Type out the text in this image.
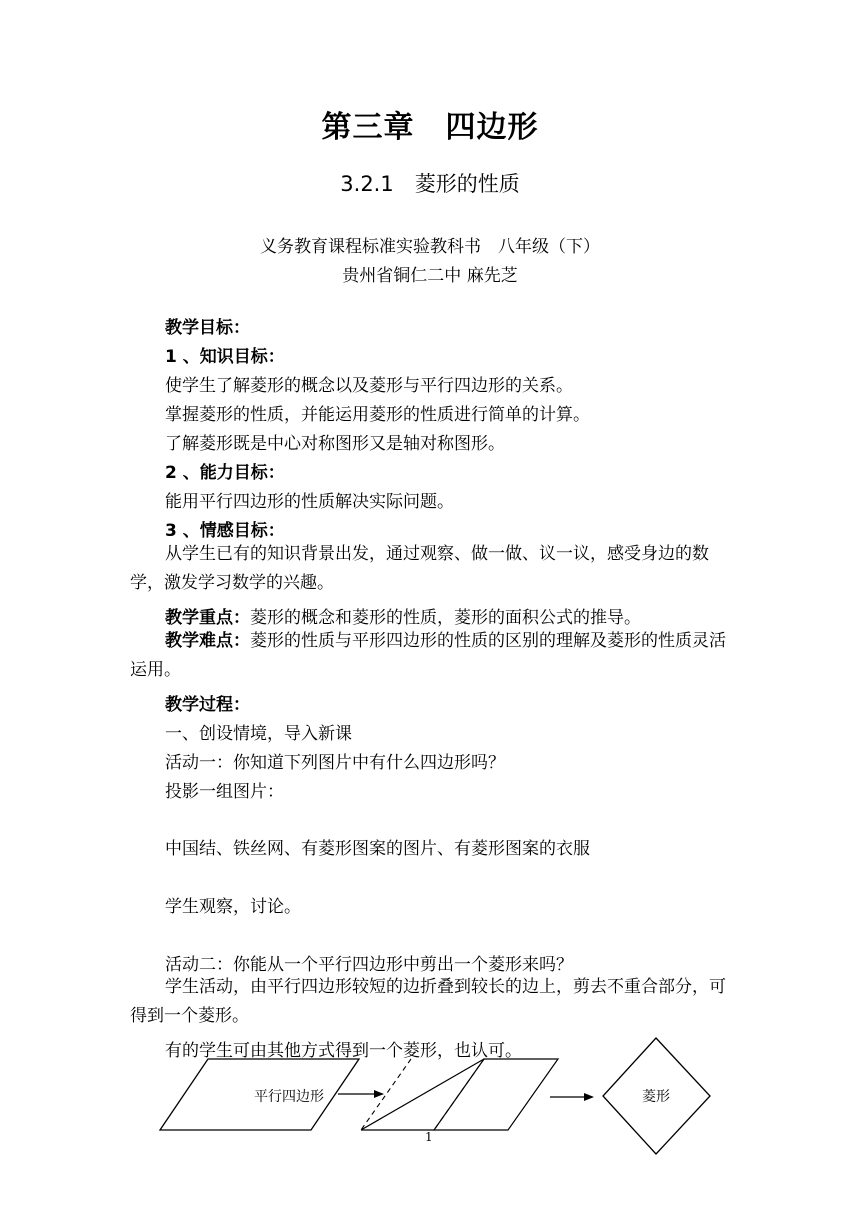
第三章　四边形
3.2.1　菱形的性质
义务教育课程标准实验教科书　八年级（下）
贵州省铜仁二中 麻先芝
教学目标：
1 、知识目标：
使学生了解菱形的概念以及菱形与平行四边形的关系。
掌握菱形的性质，并能运用菱形的性质进行简单的计算。
了解菱形既是中心对称图形又是轴对称图形。
2 、能力目标：
能用平行四边形的性质解决实际问题。
3 、情感目标：
从学生已有的知识背景出发，通过观察、做一做、议一议，感受身边的数学，激发学习数学的兴趣。
教学重点：菱形的概念和菱形的性质，菱形的面积公式的推导。
教学难点：菱形的性质与平形四边形的性质的区别的理解及菱形的性质灵活运用。
教学过程：
一、创设情境，导入新课
活动一：你知道下列图片中有什么四边形吗？
投影一组图片：
中国结、铁丝网、有菱形图案的图片、有菱形图案的衣服
学生观察，讨论。
活动二：你能从一个平行四边形中剪出一个菱形来吗？
学生活动，由平行四边形较短的边折叠到较长的边上，剪去不重合部分，可得到一个菱形。
有的学生可由其他方式得到一个菱形，也认可。
平行四边形	菱形
1
